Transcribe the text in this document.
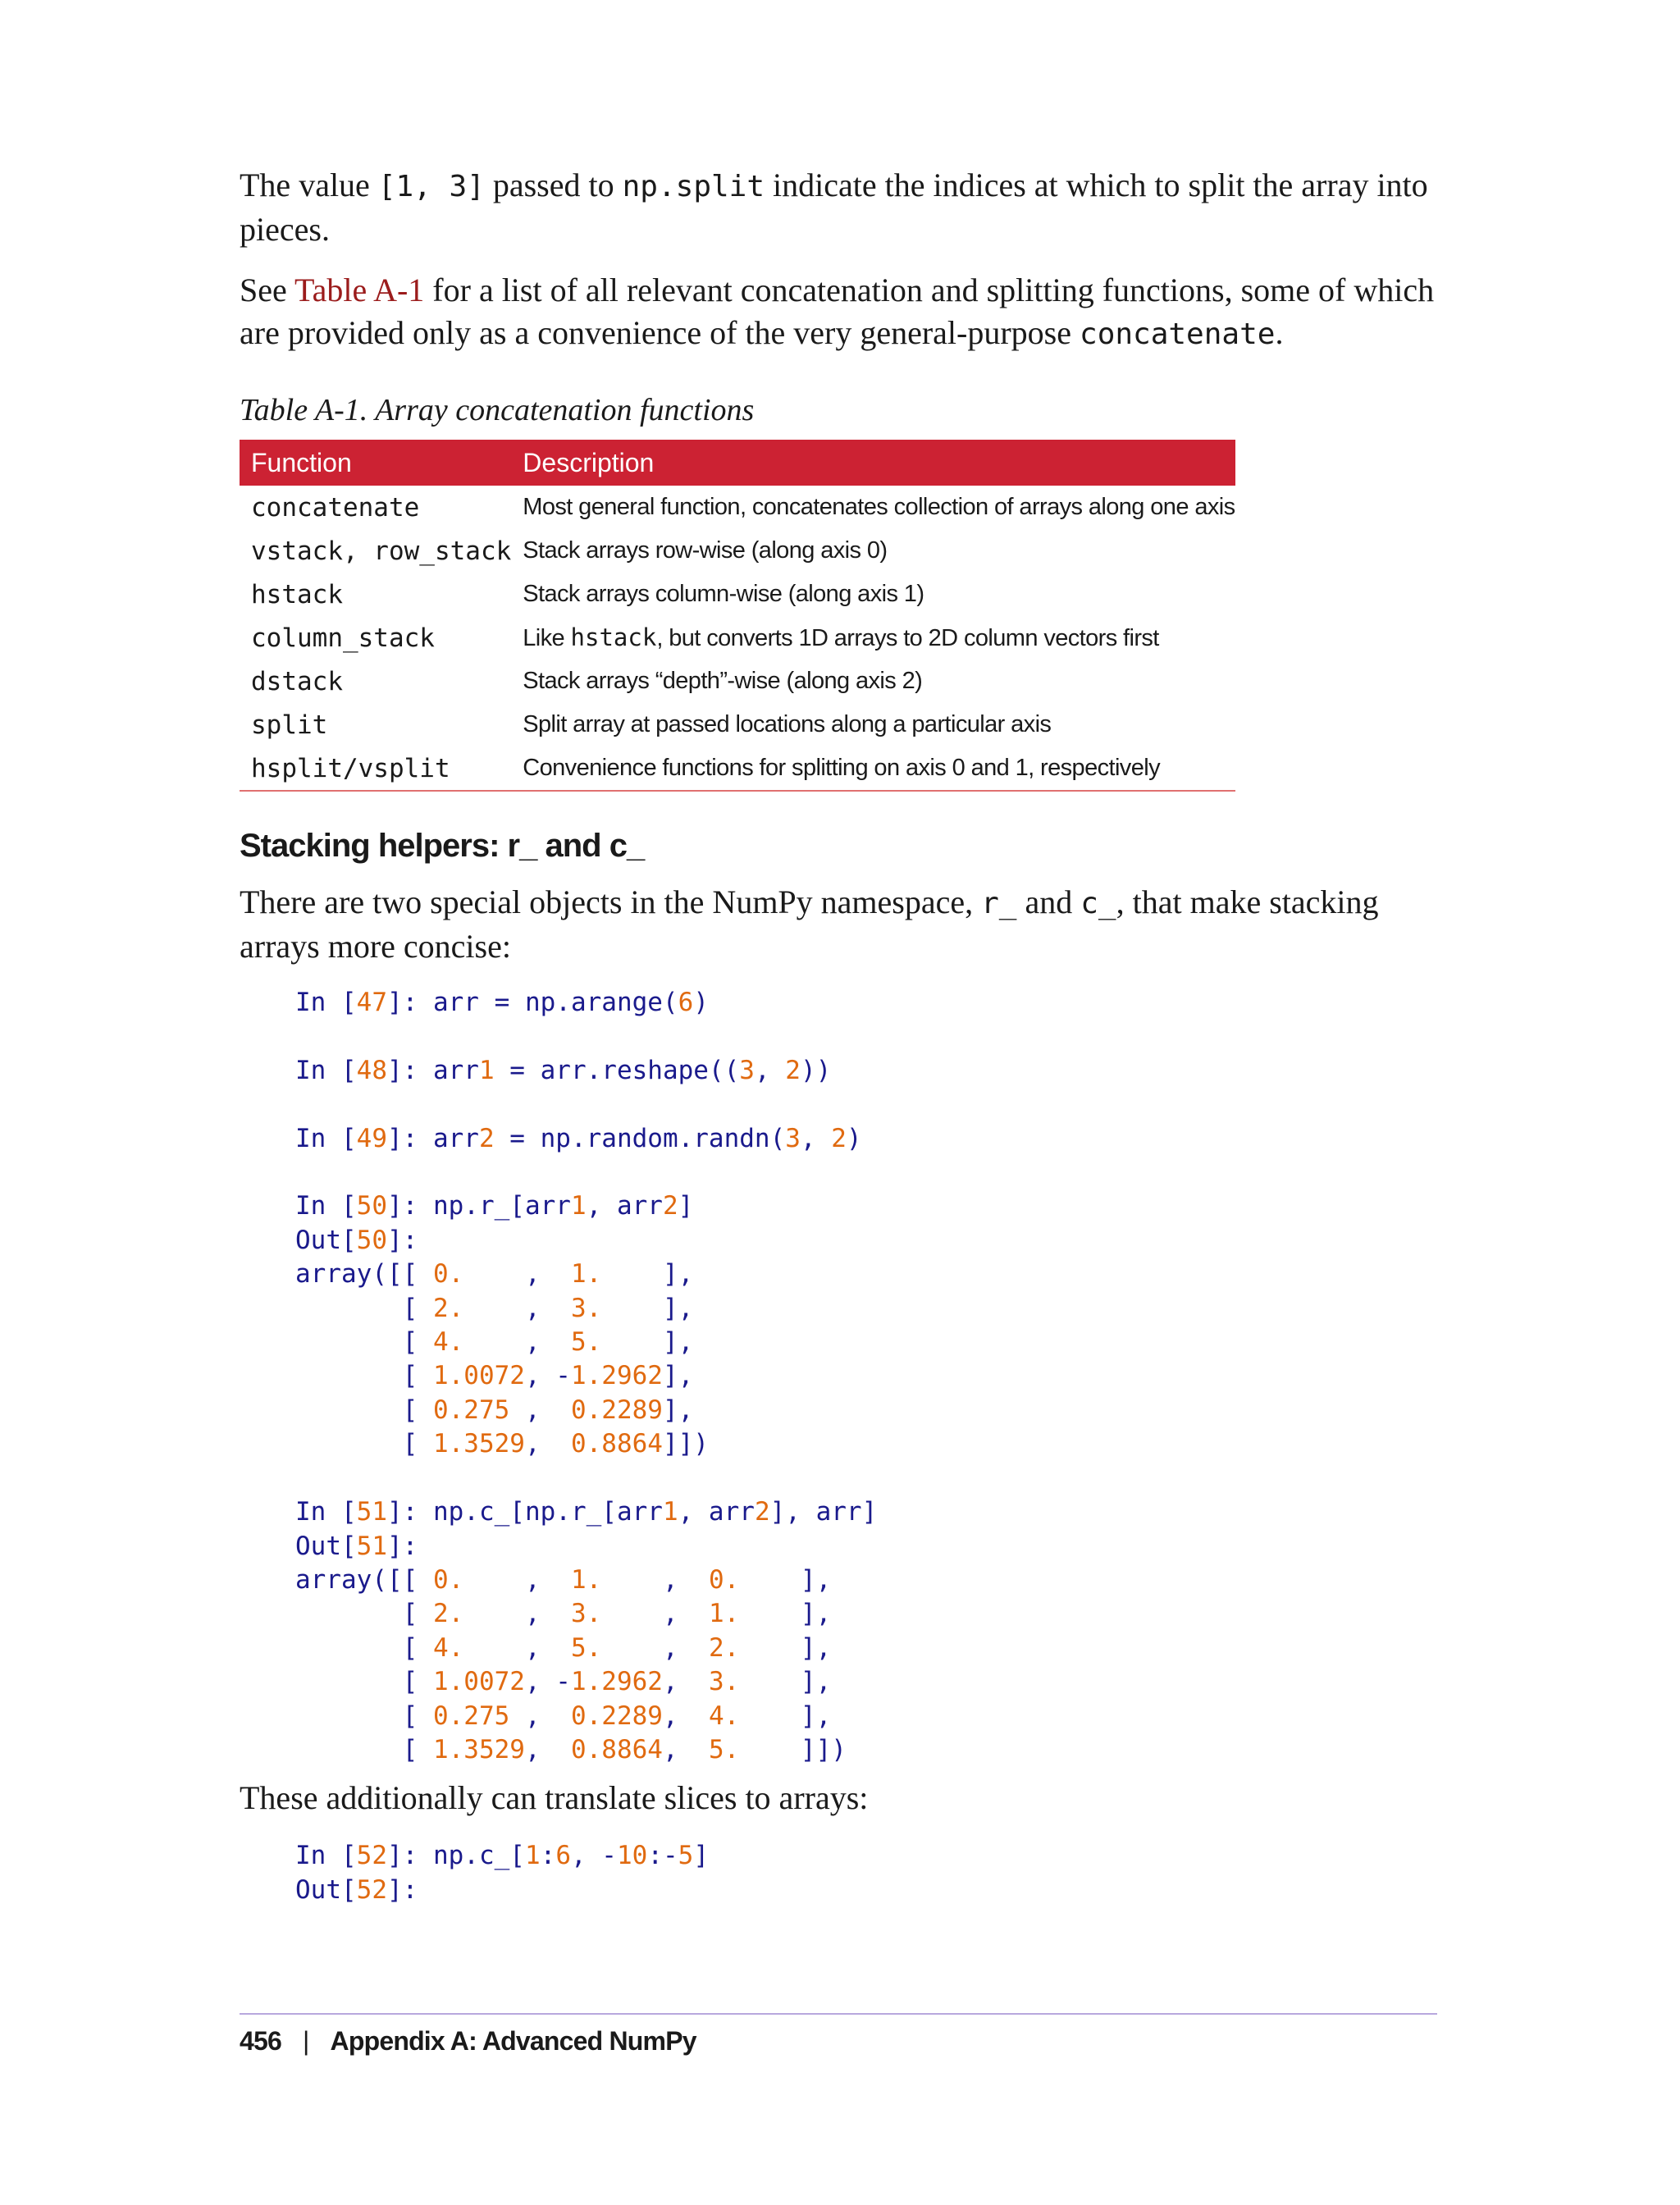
The value [1, 3] passed to np.split indicate the indices at which to split the array into pieces.

See Table A-1 for a list of all relevant concatenation and splitting functions, some of which are provided only as a convenience of the very general-purpose concatenate.

Table A-1. Array concatenation functions
Function	Description
concatenate	Most general function, concatenates collection of arrays along one axis
vstack, row_stack	Stack arrays row-wise (along axis 0)
hstack	Stack arrays column-wise (along axis 1)
column_stack	Like hstack, but converts 1D arrays to 2D column vectors first
dstack	Stack arrays “depth”-wise (along axis 2)
split	Split array at passed locations along a particular axis
hsplit/vsplit	Convenience functions for splitting on axis 0 and 1, respectively
Stacking helpers: r_ and c_

There are two special objects in the NumPy namespace, r_ and c_, that make stacking arrays more concise:

In [47]: arr = np.arange(6)

In [48]: arr1 = arr.reshape((3, 2))

In [49]: arr2 = np.random.randn(3, 2)

In [50]: np.r_[arr1, arr2]
Out[50]:
array([[ 0.    ,  1.    ],
[ 2.    ,  3.    ],
[ 4.    ,  5.    ],
[ 1.0072, -1.2962],
[ 0.275 ,  0.2289],
[ 1.3529,  0.8864]])

In [51]: np.c_[np.r_[arr1, arr2], arr]
Out[51]:
array([[ 0.    ,  1.    ,  0.    ],
[ 2.    ,  3.    ,  1.    ],
[ 4.    ,  5.    ,  2.    ],
[ 1.0072, -1.2962,  3.    ],
[ 0.275 ,  0.2289,  4.    ],
[ 1.3529,  0.8864,  5.    ]])

These additionally can translate slices to arrays:

In [52]: np.c_[1:6, -10:-5]
Out[52]:
456 | Appendix A: Advanced NumPy
